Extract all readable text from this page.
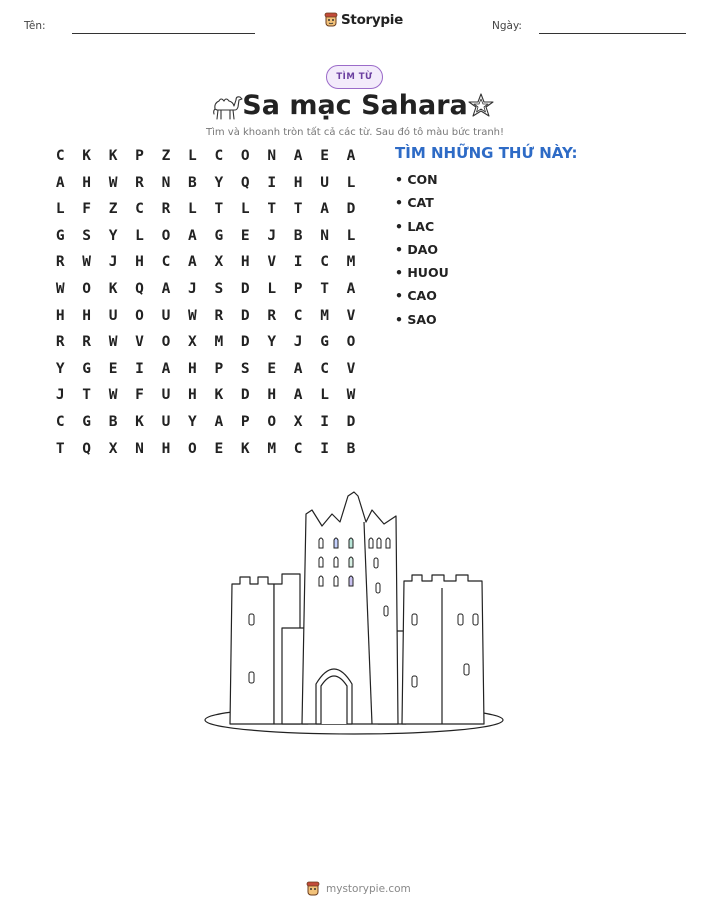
Tên:	Storypie	Ngày:
TÌM TỪ
Sa mạc Sahara
Tìm và khoanh tròn tất cả các từ. Sau đó tô màu bức tranh!
C	K	K	P	Z	L	C	O	N	A	E	A
A	H	W	R	N	B	Y	Q	I	H	U	L
L	F	Z	C	R	L	T	L	T	T	A	D
G	S	Y	L	O	A	G	E	J	B	N	L
R	W	J	H	C	A	X	H	V	I	C	M
W	O	K	Q	A	J	S	D	L	P	T	A
H	H	U	O	U	W	R	D	R	C	M	V
R	R	W	V	O	X	M	D	Y	J	G	O
Y	G	E	I	A	H	P	S	E	A	C	V
J	T	W	F	U	H	K	D	H	A	L	W
C	G	B	K	U	Y	A	P	O	X	I	D
T	Q	X	N	H	O	E	K	M	C	I	B
TÌM NHỮNG THỨ NÀY:
• CON
• CAT
• LAC
• DAO
• HUOU
• CAO
• SAO
mystorypie.com
